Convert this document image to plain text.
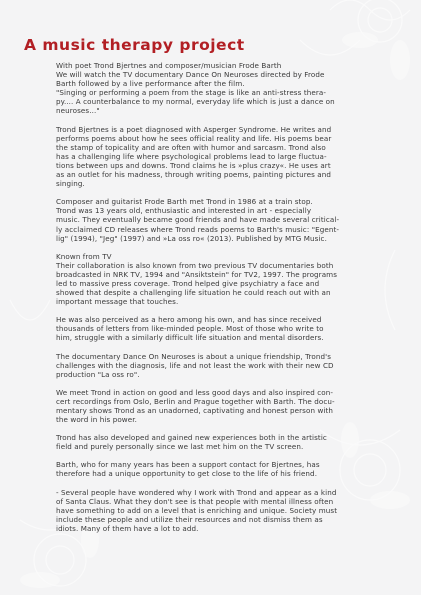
A music therapy project

With poet Trond Bjertnes and composer/musician Frode Barth
We will watch the TV documentary Dance On Neuroses directed by Frode
Barth followed by a live performance after the film.
"Singing or performing a poem from the stage is like an anti-stress thera-
py.... A counterbalance to my normal, everyday life which is just a dance on
neuroses..."

Trond Bjertnes is a poet diagnosed with Asperger Syndrome. He writes and
performs poems about how he sees official reality and life. His poems bear
the stamp of topicality and are often with humor and sarcasm. Trond also
has a challenging life where psychological problems lead to large fluctua-
tions between ups and downs. Trond claims he is »plus crazy«. He uses art
as an outlet for his madness, through writing poems, painting pictures and
singing.

Composer and guitarist Frode Barth met Trond in 1986 at a train stop.
Trond was 13 years old, enthusiastic and interested in art - especially
music. They eventually became good friends and have made several critical-
ly acclaimed CD releases where Trond reads poems to Barth's music: "Egent-
lig" (1994), "Jeg" (1997) and »La oss ro« (2013). Published by MTG Music.

Known from TV
Their collaboration is also known from two previous TV documentaries both
broadcasted in NRK TV, 1994 and "Ansiktstein" for TV2, 1997. The programs
led to massive press coverage. Trond helped give psychiatry a face and
showed that despite a challenging life situation he could reach out with an
important message that touches.

He was also perceived as a hero among his own, and has since received
thousands of letters from like-minded people. Most of those who write to
him, struggle with a similarly difficult life situation and mental disorders.

The documentary Dance On Neuroses is about a unique friendship, Trond's
challenges with the diagnosis, life and not least the work with their new CD
production "La oss ro".

We meet Trond in action on good and less good days and also inspired con-
cert recordings from Oslo, Berlin and Prague together with Barth. The docu-
mentary shows Trond as an unadorned, captivating and honest person with
the word in his power.

Trond has also developed and gained new experiences both in the artistic
field and purely personally since we last met him on the TV screen.

Barth, who for many years has been a support contact for Bjertnes, has
therefore had a unique opportunity to get close to the life of his friend.

- Several people have wondered why I work with Trond and appear as a kind
of Santa Claus. What they don't see is that people with mental illness often
have something to add on a level that is enriching and unique. Society must
include these people and utilize their resources and not dismiss them as
idiots. Many of them have a lot to add.
